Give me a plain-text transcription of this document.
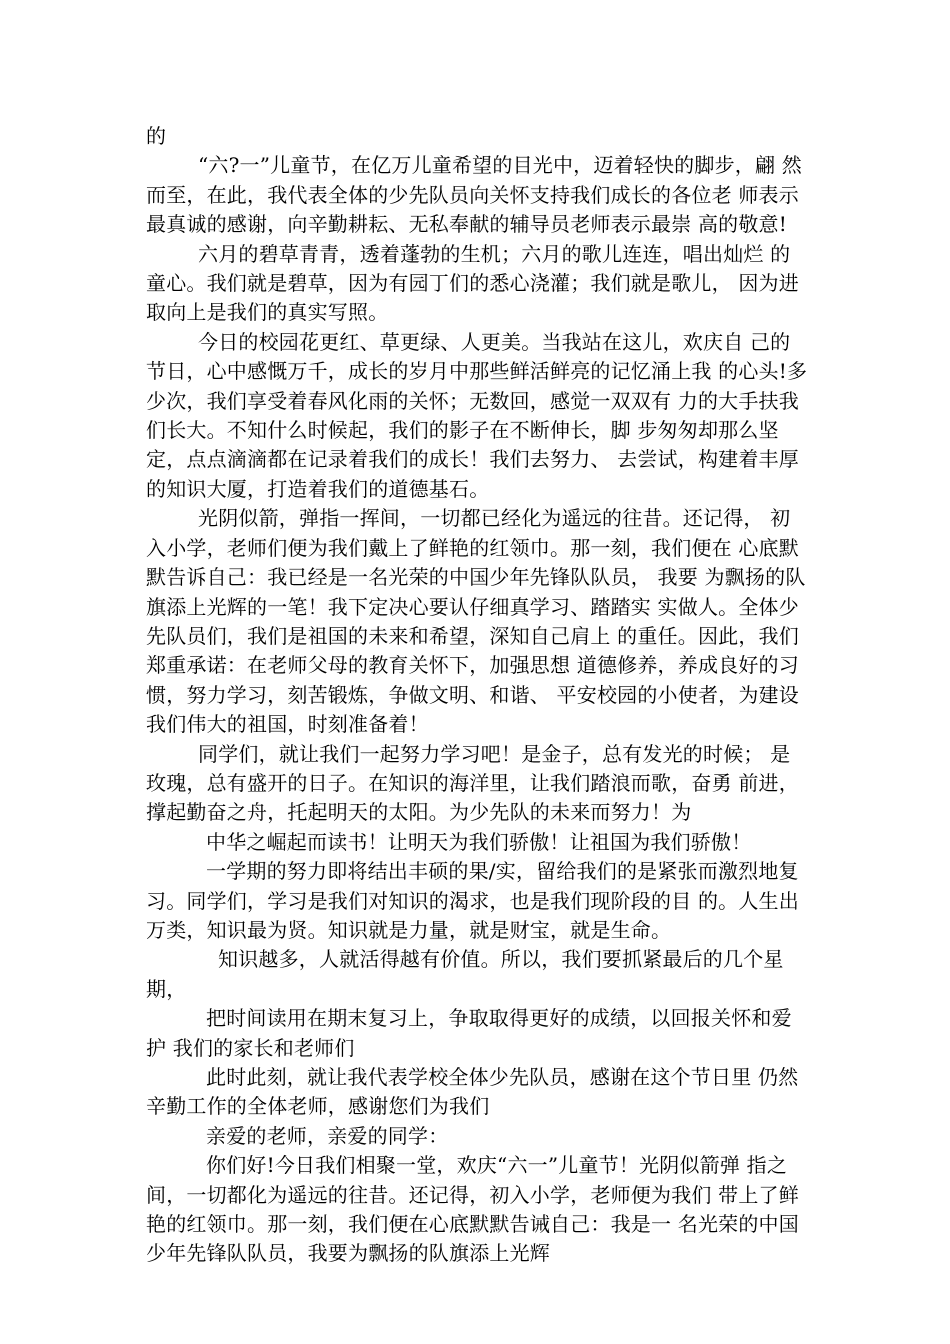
的

“六?一”儿童节，在亿万儿童希望的目光中，迈着轻快的脚步，翩 然而至，在此，我代表全体的少先队员向关怀支持我们成长的各位老 师表示最真诚的感谢，向辛勤耕耘、无私奉献的辅导员老师表示最崇 高的敬意!

六月的碧草青青，透着蓬勃的生机；六月的歌儿连连，唱出灿烂 的童心。我们就是碧草，因为有园丁们的悉心浇灌；我们就是歌儿， 因为进取向上是我们的真实写照。

今日的校园花更红、草更绿、人更美。当我站在这儿，欢庆自 己的节日，心中感慨万千，成长的岁月中那些鲜活鲜亮的记忆涌上我 的心头!多少次，我们享受着春风化雨的关怀；无数回，感觉一双双有 力的大手扶我们长大。不知什么时候起，我们的影子在不断伸长，脚 步匆匆却那么坚定，点点滴滴都在记录着我们的成长！我们去努力、 去尝试，构建着丰厚的知识大厦，打造着我们的道德基石。

光阴似箭，弹指一挥间，一切都已经化为遥远的往昔。还记得， 初入小学，老师们便为我们戴上了鲜艳的红领巾。那一刻，我们便在 心底默默告诉自己：我已经是一名光荣的中国少年先锋队队员， 我要 为飘扬的队旗添上光辉的一笔！我下定决心要认仔细真学习、踏踏实 实做人。全体少先队员们，我们是祖国的未来和希望，深知自己肩上 的重任。因此，我们郑重承诺：在老师父母的教育关怀下，加强思想 道德修养，养成良好的习惯，努力学习，刻苦锻炼，争做文明、和谐、 平安校园的小使者，为建设我们伟大的祖国，时刻准备着！

同学们，就让我们一起努力学习吧！是金子，总有发光的时候； 是玫瑰，总有盛开的日子。在知识的海洋里，让我们踏浪而歌，奋勇 前进，撑起勤奋之舟，托起明天的太阳。为少先队的未来而努力！为

中华之崛起而读书！让明天为我们骄傲！让祖国为我们骄傲！

一学期的努力即将结出丰硕的果/实，留给我们的是紧张而激烈地复习。同学们，学习是我们对知识的渴求，也是我们现阶段的目 的。人生出万类，知识最为贤。知识就是力量，就是财宝，就是生命。

知识越多，人就活得越有价值。所以，我们要抓紧最后的几个星期，

把时间读用在期末复习上，争取取得更好的成绩，以回报关怀和爱护 我们的家长和老师们

此时此刻，就让我代表学校全体少先队员，感谢在这个节日里 仍然辛勤工作的全体老师，感谢您们为我们

亲爱的老师，亲爱的同学：

你们好!今日我们相聚一堂，欢庆“六一”儿童节！光阴似箭弹 指之间，一切都化为遥远的往昔。还记得，初入小学，老师便为我们 带上了鲜艳的红领巾。那一刻，我们便在心底默默告诫自己：我是一 名光荣的中国少年先锋队队员，我要为飘扬的队旗添上光辉
